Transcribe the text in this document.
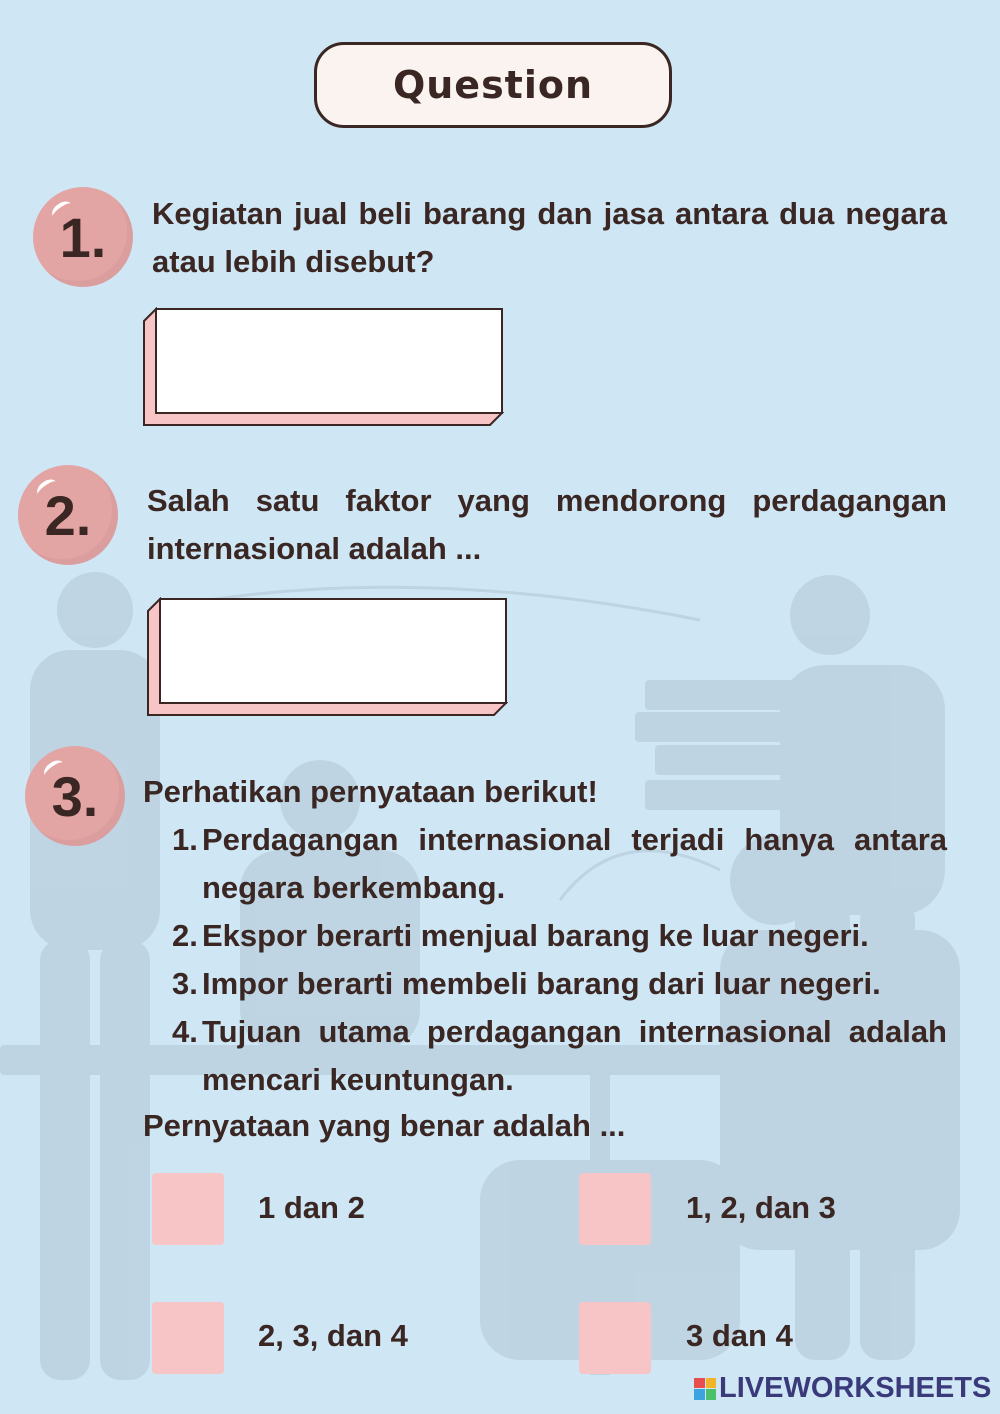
Question
1. Kegiatan jual beli barang dan jasa antara dua negara atau lebih disebut?
2. Salah satu faktor yang mendorong perdagangan internasional adalah ...
3. Perhatikan pernyataan berikut!
1. Perdagangan internasional terjadi hanya antara negara berkembang.
2. Ekspor berarti menjual barang ke luar negeri.
3. Impor berarti membeli barang dari luar negeri.
4. Tujuan utama perdagangan internasional adalah mencari keuntungan.
Pernyataan yang benar adalah ...
1 dan 2	1, 2, dan 3
2, 3, dan 4	3 dan 4
LIVEWORKSHEETS
